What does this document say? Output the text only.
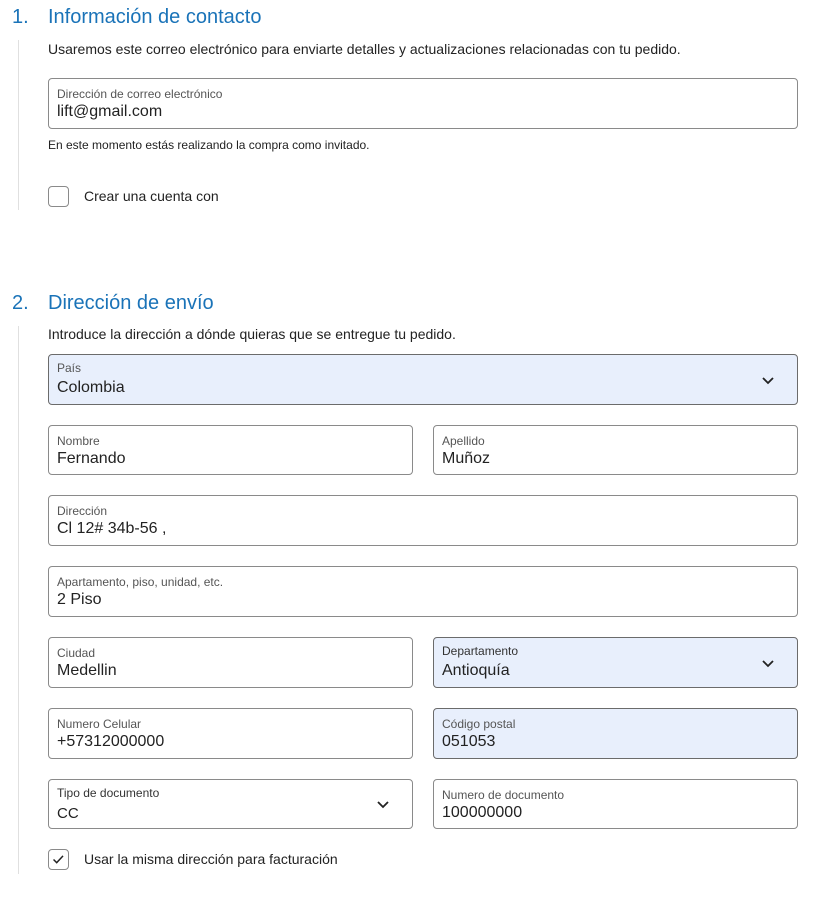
1. Información de contacto
Usaremos este correo electrónico para enviarte detalles y actualizaciones relacionadas con tu pedido.
Dirección de correo electrónico
lift@gmail.com
En este momento estás realizando la compra como invitado.
Crear una cuenta con
2. Dirección de envío
Introduce la dirección a dónde quieras que se entregue tu pedido.
País
Colombia
Nombre
Fernando
Apellido
Muñoz
Dirección
Cl 12# 34b-56 ,
Apartamento, piso, unidad, etc.
2 Piso
Ciudad
Medellin
Departamento
Antioquía
Numero Celular
+57312000000
Código postal
051053
Tipo de documento
CC
Numero de documento
100000000
Usar la misma dirección para facturación
